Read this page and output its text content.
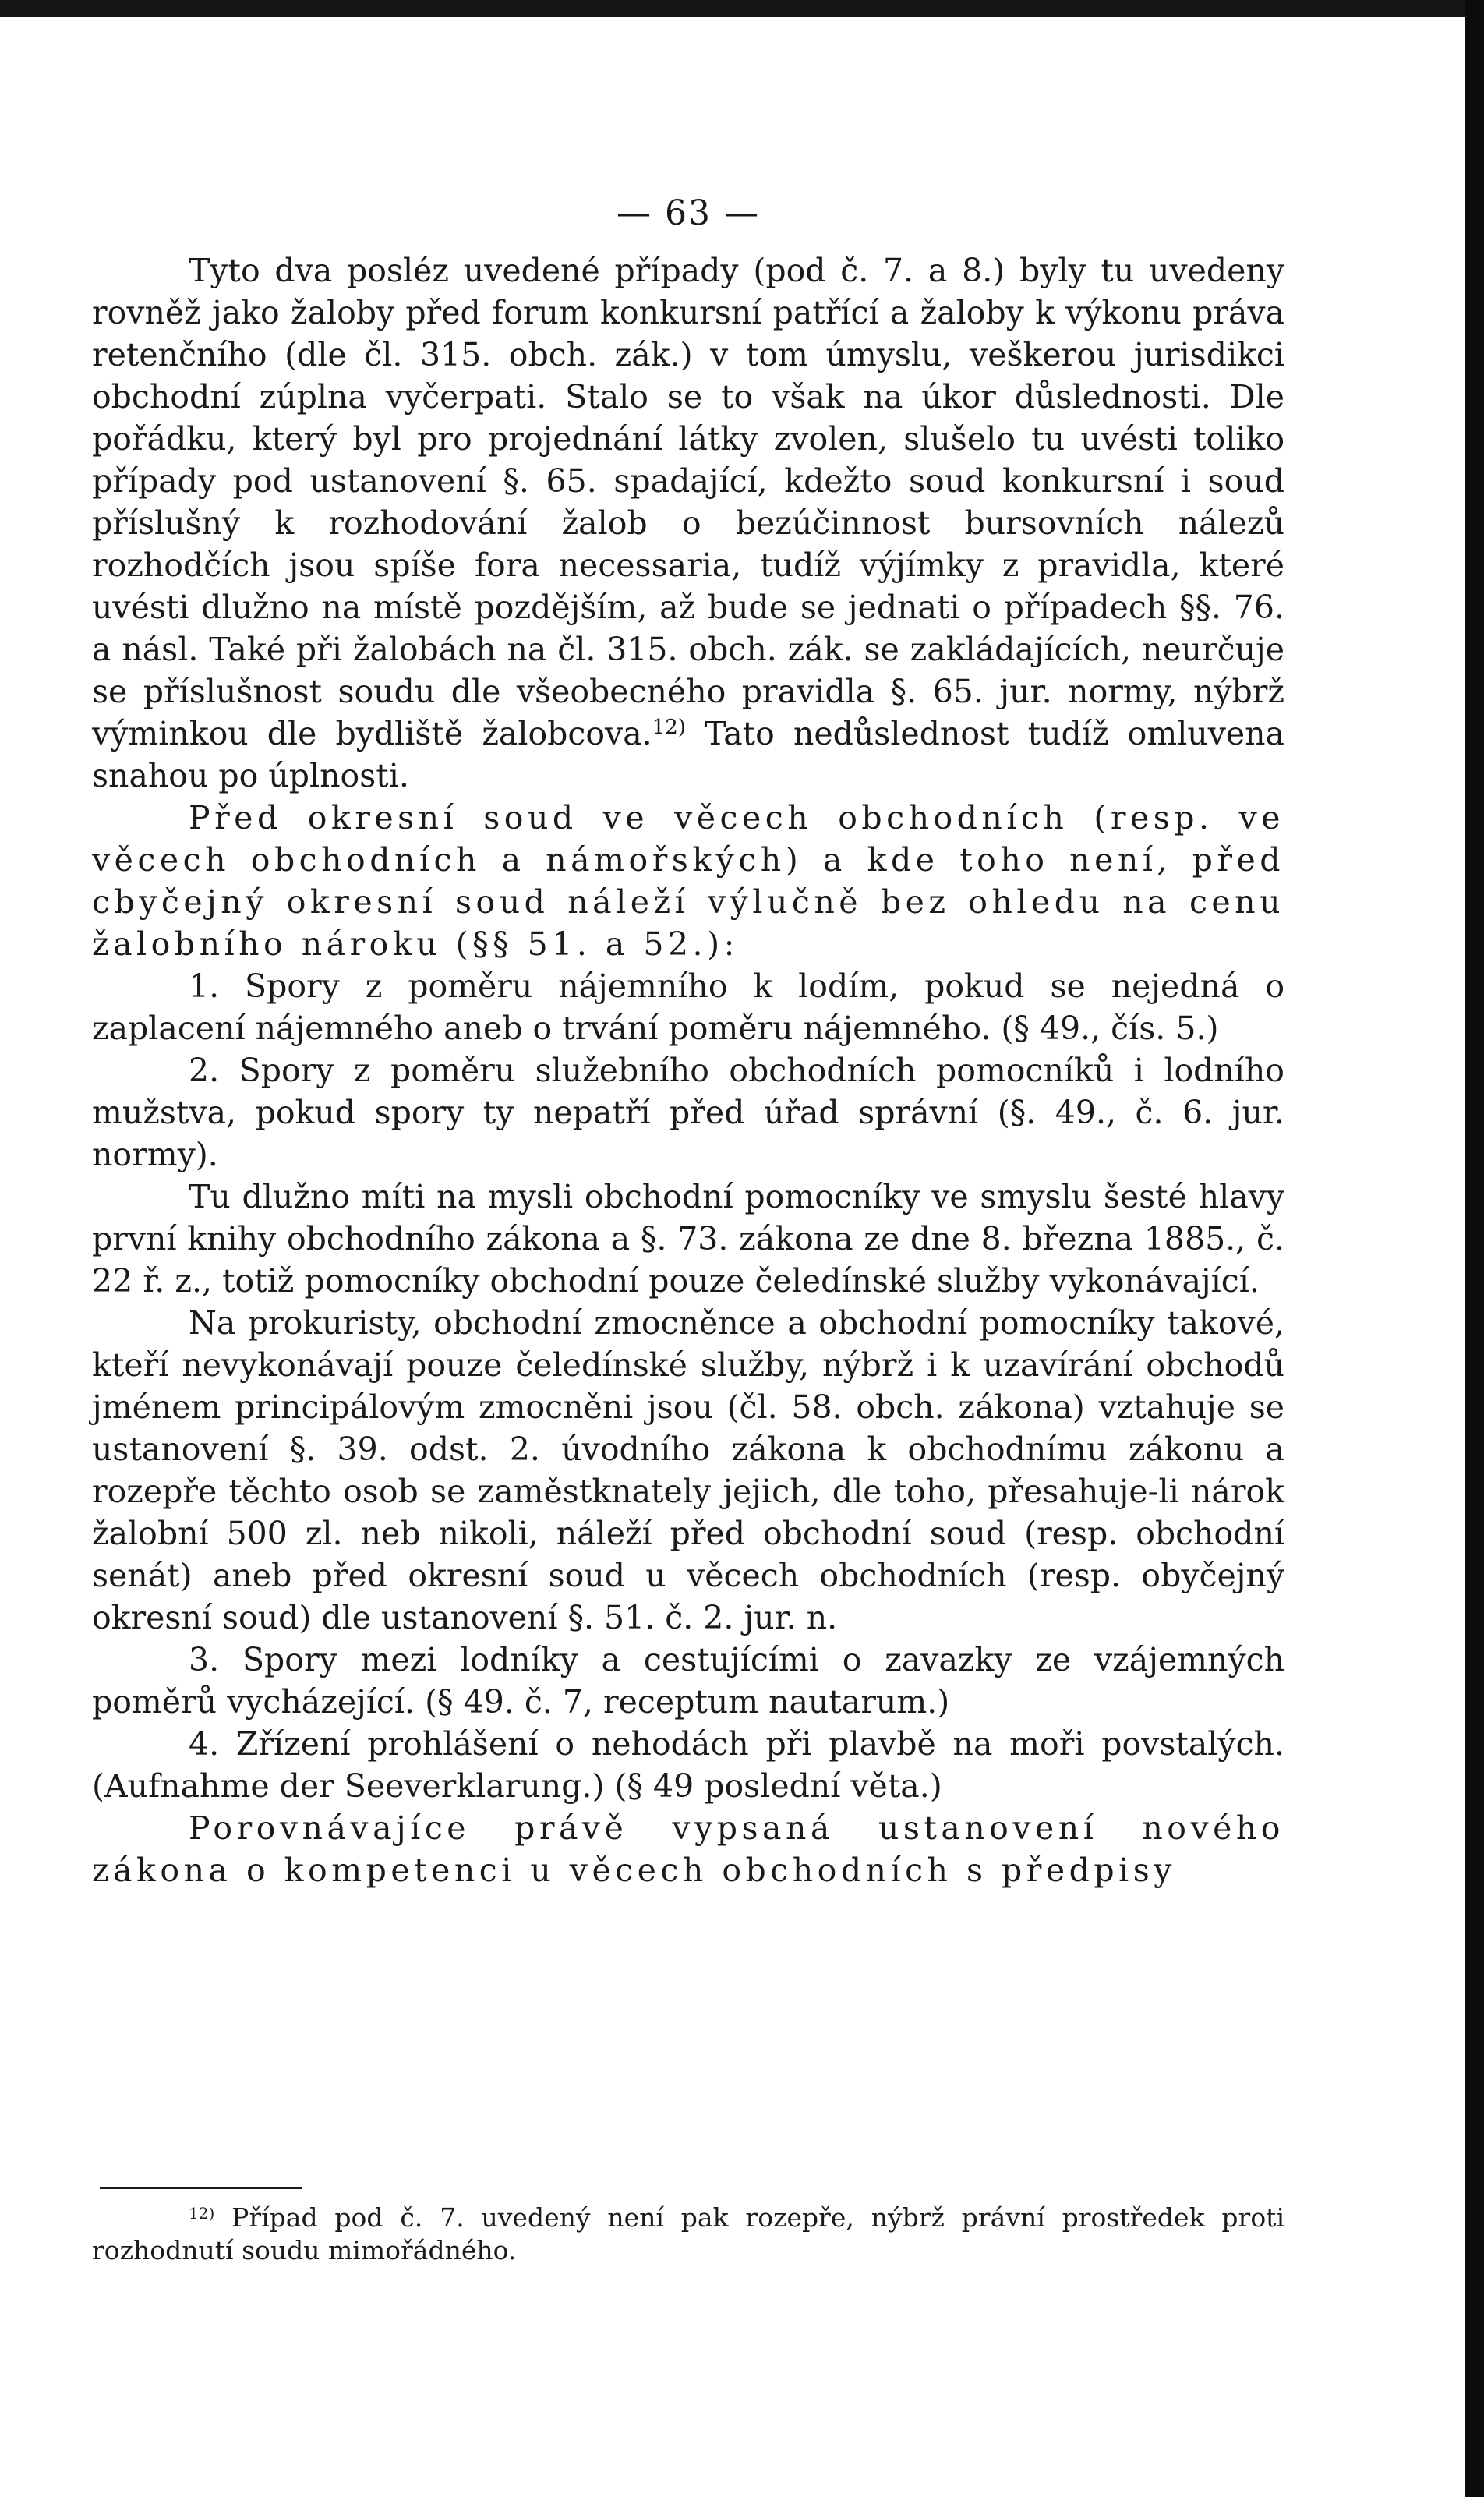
— 63 —

Tyto dva posléz uvedené případy (pod č. 7. a 8.) byly tu uvedeny rovněž jako žaloby před forum konkursní patřící a žaloby k výkonu práva retenčního (dle čl. 315. obch. zák.) v tom úmyslu, veškerou jurisdikci obchodní zúplna vyčerpati. Stalo se to však na úkor důslednosti. Dle pořádku, který byl pro projednání látky zvolen, slušelo tu uvésti toliko případy pod ustanovení §. 65. spadající, kdežto soud konkursní i soud příslušný k rozhodování žalob o bezúčinnost bursovních nálezů rozhodčích jsou spíše fora necessaria, tudíž výjímky z pravidla, které uvésti dlužno na místě pozdějším, až bude se jednati o případech §§. 76. a násl. Také při žalobách na čl. 315. obch. zák. se zakládajících, neurčuje se příslušnost soudu dle všeobecného pravidla §. 65. jur. normy, nýbrž výminkou dle bydliště žalobcova.$^{12)}$ Tato nedůslednost tudíž omluvena snahou po úplnosti.

Před okresní soud ve věcech obchodních (resp. ve věcech obchodních a námořských) a kde toho není, před cbyčejný okresní soud náleží výlučně bez ohledu na cenu žalobního nároku (§§ 51. a 52.):

1. Spory z poměru nájemního k lodím, pokud se nejedná o zaplacení nájemného aneb o trvání poměru nájemného. (§ 49., čís. 5.)

2. Spory z poměru služebního obchodních pomocníků i lodního mužstva, pokud spory ty nepatří před úřad správní (§. 49., č. 6. jur. normy).

Tu dlužno míti na mysli obchodní pomocníky ve smyslu šesté hlavy první knihy obchodního zákona a §. 73. zákona ze dne 8. března 1885., č. 22 ř. z., totiž pomocníky obchodní pouze čeledínské služby vykonávající.

Na prokuristy, obchodní zmocněnce a obchodní pomocníky takové, kteří nevykonávají pouze čeledínské služby, nýbrž i k uzavírání obchodů jménem principálovým zmocněni jsou (čl. 58. obch. zákona) vztahuje se ustanovení §. 39. odst. 2. úvodního zákona k obchodnímu zákonu a rozepře těchto osob se zaměstknately jejich, dle toho, přesahuje-li nárok žalobní 500 zl. neb nikoli, náleží před obchodní soud (resp. obchodní senát) aneb před okresní soud u věcech obchodních (resp. obyčejný okresní soud) dle ustanovení §. 51. č. 2. jur. n.

3. Spory mezi lodníky a cestujícími o zavazky ze vzájemných poměrů vycházející. (§ 49. č. 7, receptum nautarum.)

4. Zřízení prohlášení o nehodách při plavbě na moři povstalých. (Aufnahme der Seeverklarung.) (§ 49 poslední věta.)

Porovnávajíce právě vypsaná ustanovení nového zákona o kompetenci u věcech obchodních s předpisy

$^{12)}$ Případ pod č. 7. uvedený není pak rozepře, nýbrž právní prostředek proti rozhodnutí soudu mimořádného.
